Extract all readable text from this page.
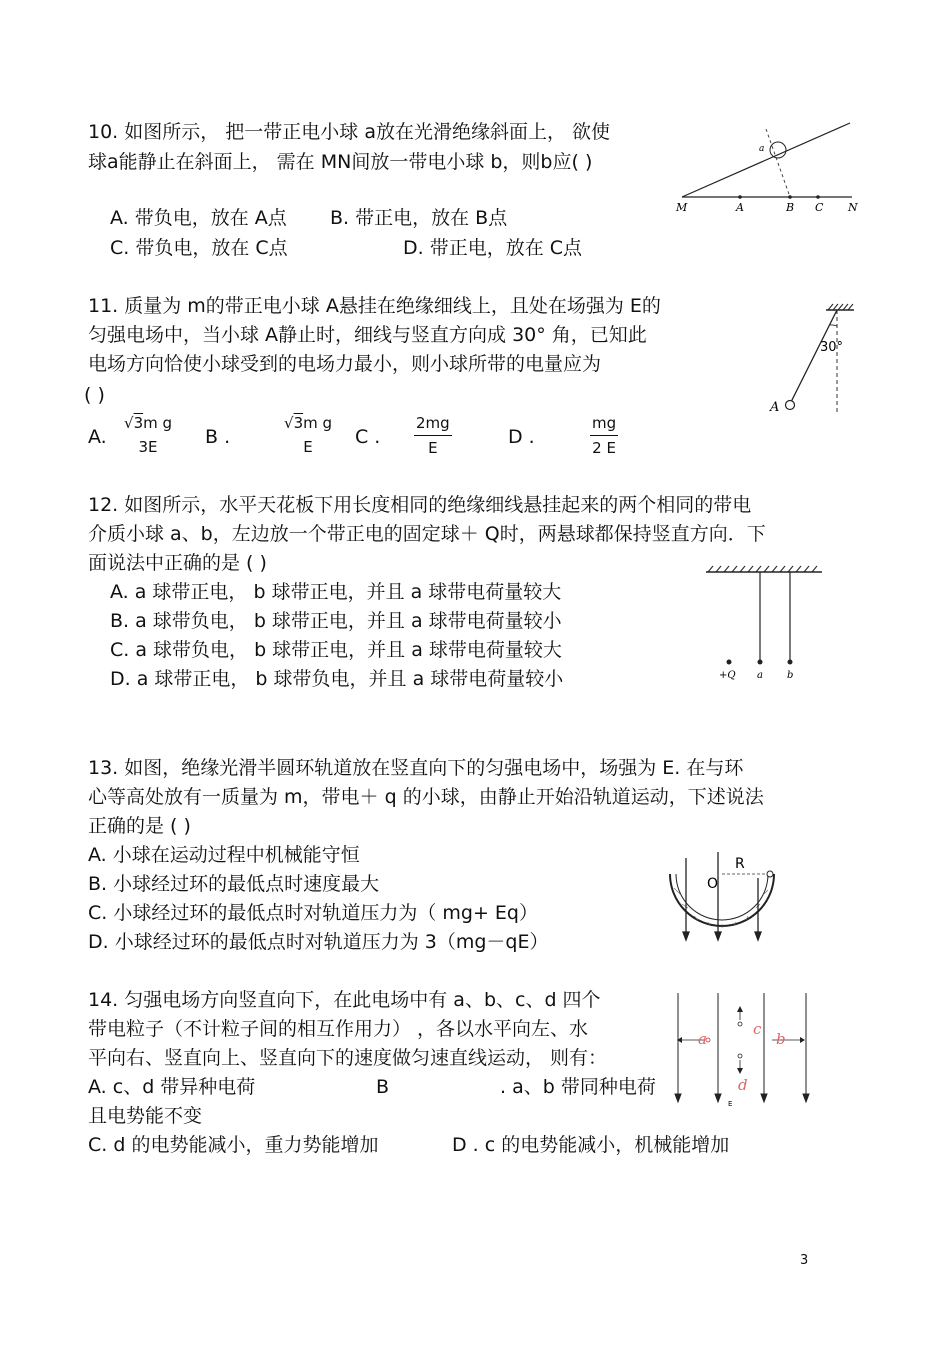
10. 如图所示， 把一带正电小球 a放在光滑绝缘斜面上， 欲使
球a能静止在斜面上， 需在 MN间放一带电小球 b，则b应( )
A. 带负电，放在 A点 B. 带正电，放在 B点
C. 带负电，放在 C点	D. 带正电，放在 C点
M	A	B C N
a
11. 质量为 m的带正电小球 A悬挂在绝缘细线上，且处在场强为 E的
匀强电场中，当小球 A静止时，细线与竖直方向成 30° 角，已知此
电场方向恰使小球受到的电场力最小，则小球所带的电量应为
( )
A.
√3m g
3E	B .
√3m g
E	C .
2mg
E	D .
mg
2 E
30°
A
12. 如图所示，水平天花板下用长度相同的绝缘细线悬挂起来的两个相同的带电
介质小球 a、b，左边放一个带正电的固定球＋ Q时，两悬球都保持竖直方向．下
面说法中正确的是 ( )
A. a 球带正电， b 球带正电，并且 a 球带电荷量较大
B. a 球带负电， b 球带正电，并且 a 球带电荷量较小
C. a 球带负电， b 球带正电，并且 a 球带电荷量较大
D. a 球带正电， b 球带负电，并且 a 球带电荷量较小	+Q a b
13. 如图，绝缘光滑半圆环轨道放在竖直向下的匀强电场中，场强为 E. 在与环
心等高处放有一质量为 m，带电＋ q 的小球，由静止开始沿轨道运动，下述说法
正确的是 ( )
A. 小球在运动过程中机械能守恒
B. 小球经过环的最低点时速度最大
C. 小球经过环的最低点时对轨道压力为（ mg+ Eq）
D. 小球经过环的最低点时对轨道压力为 3（mg－qE）
R
O
14. 匀强电场方向竖直向下，在此电场中有 a、b、c、d 四个
带电粒子（不计粒子间的相互作用力） ，各以水平向左、水
平向右、竖直向上、竖直向下的速度做匀速直线运动， 则有：
A. c、d 带异种电荷	B	. a、b 带同种电荷
且电势能不变
C. d 的电势能减小，重力势能增加	D . c 的电势能减小，机械能增加
a	b
c
d
E
3
